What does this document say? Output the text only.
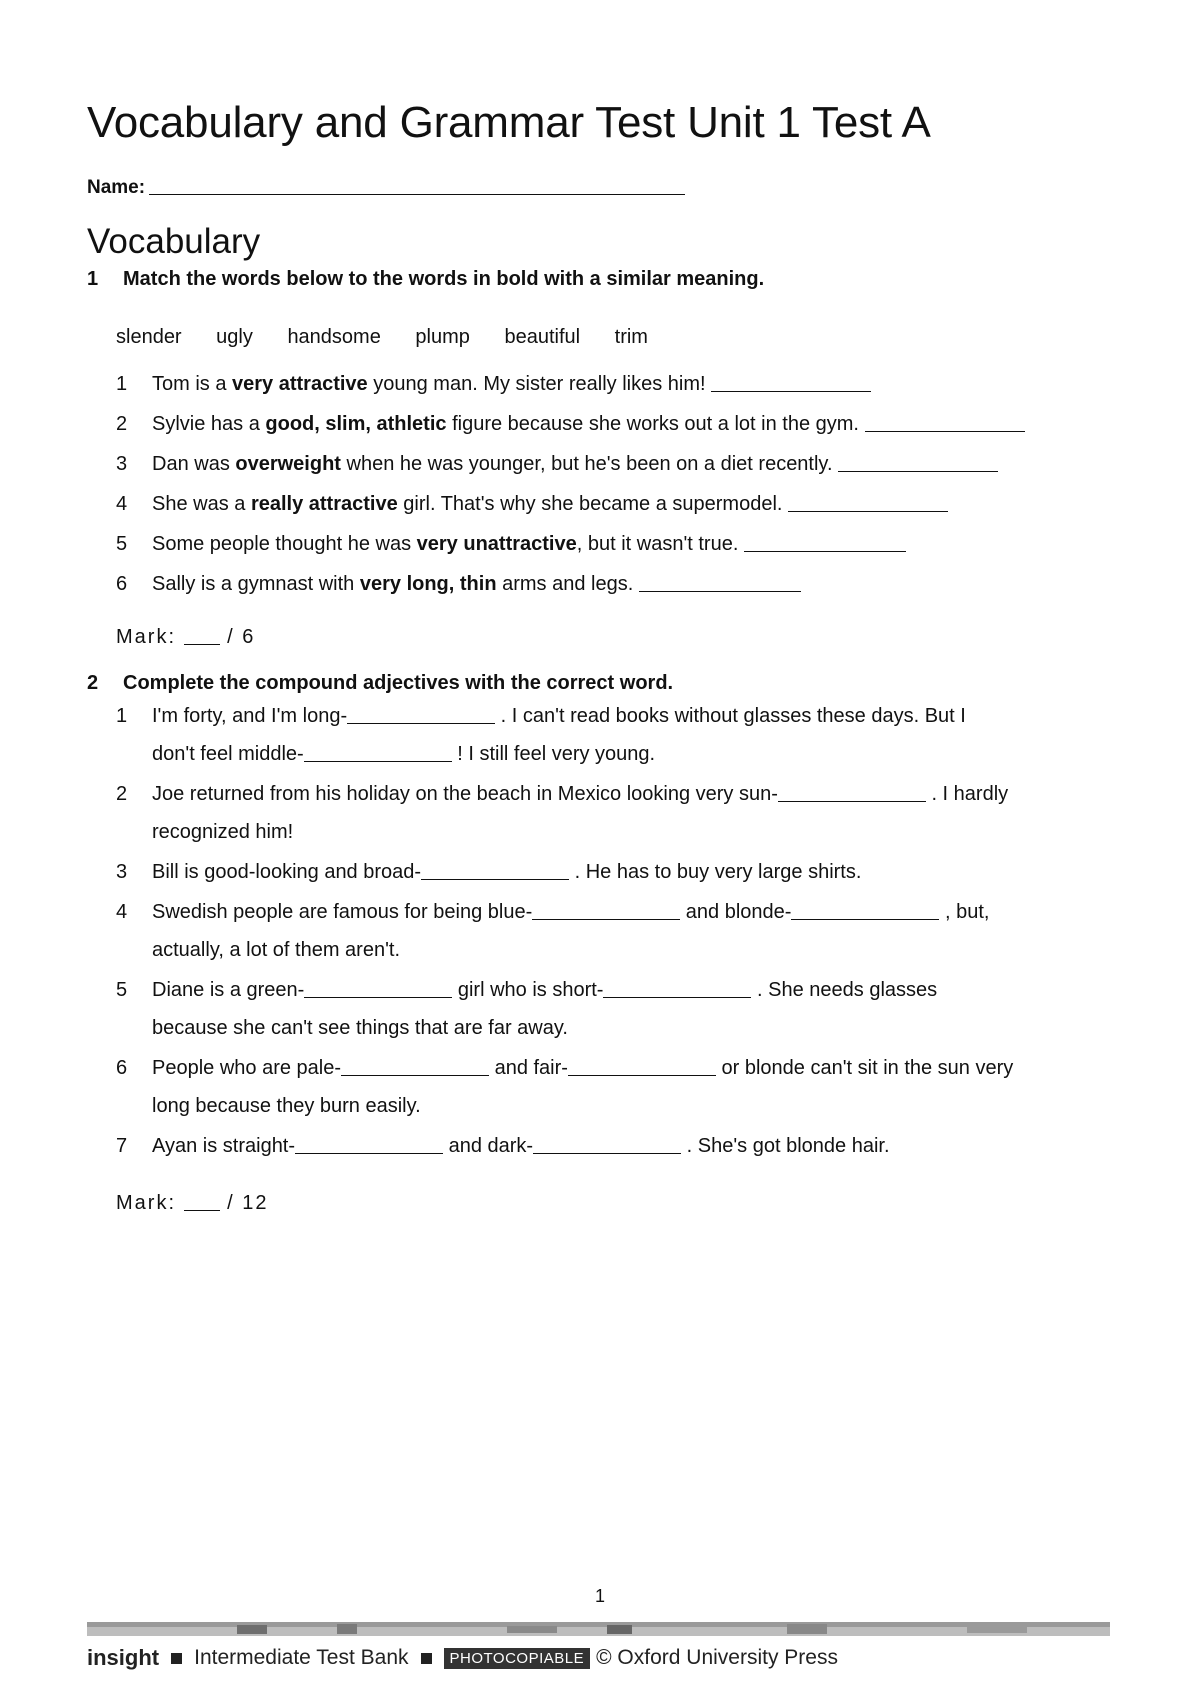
Vocabulary and Grammar Test Unit 1 Test A
Name:
Vocabulary
1 Match the words below to the words in bold with a similar meaning.
slender ugly handsome plump beautiful trim
1 Tom is a very attractive young man. My sister really likes him!
2 Sylvie has a good, slim, athletic figure because she works out a lot in the gym.
3 Dan was overweight when he was younger, but he's been on a diet recently.
4 She was a really attractive girl. That's why she became a supermodel.
5 Some people thought he was very unattractive, but it wasn't true.
6 Sally is a gymnast with very long, thin arms and legs.
Mark:	/ 6
2 Complete the compound adjectives with the correct word.
1 I'm forty, and I'm long-	. I can't read books without glasses these days. But I
don't feel middle-	! I still feel very young.
2 Joe returned from his holiday on the beach in Mexico looking very sun-	. I hardly
recognized him!
3 Bill is good-looking and broad-	. He has to buy very large shirts.
4 Swedish people are famous for being blue-	and blonde-	, but,
actually, a lot of them aren't.
5 Diane is a green-	girl who is short-	. She needs glasses
because she can't see things that are far away.
6 People who are pale-	and fair-	or blonde can't sit in the sun very
long because they burn easily.
7 Ayan is straight-	and dark-	. She's got blonde hair.
Mark:	/ 12
1
insight Intermediate Test Bank	PHOTOCOPIABLE © Oxford University Press
